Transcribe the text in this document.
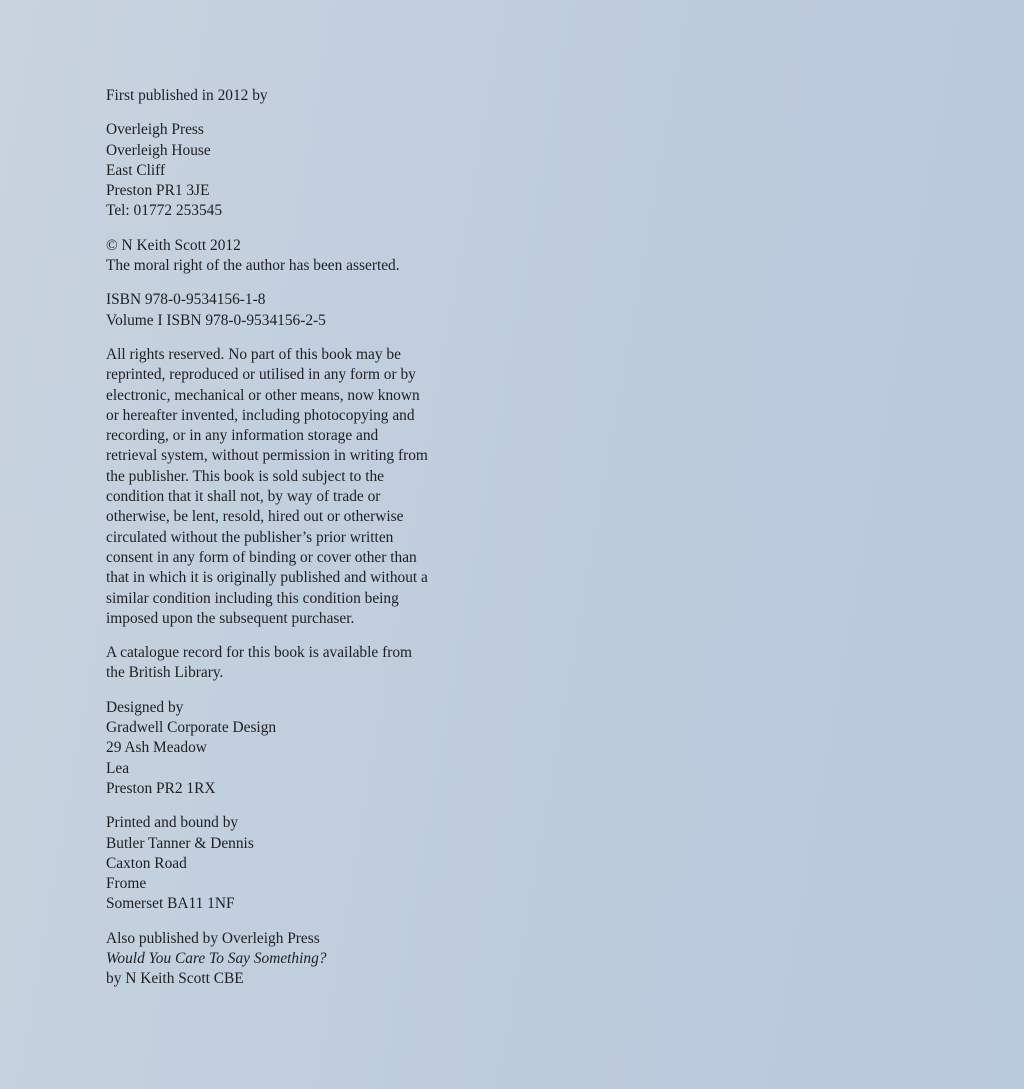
First published in 2012 by
Overleigh Press
Overleigh House
East Cliff
Preston PR1 3JE
Tel: 01772 253545
© N Keith Scott 2012
The moral right of the author has been asserted.
ISBN 978-0-9534156-1-8
Volume I ISBN 978-0-9534156-2-5
All rights reserved. No part of this book may be
reprinted, reproduced or utilised in any form or by
electronic, mechanical or other means, now known
or hereafter invented, including photocopying and
recording, or in any information storage and
retrieval system, without permission in writing from
the publisher. This book is sold subject to the
condition that it shall not, by way of trade or
otherwise, be lent, resold, hired out or otherwise
circulated without the publisher’s prior written
consent in any form of binding or cover other than
that in which it is originally published and without a
similar condition including this condition being
imposed upon the subsequent purchaser.
A catalogue record for this book is available from
the British Library.
Designed by
Gradwell Corporate Design
29 Ash Meadow
Lea
Preston PR2 1RX
Printed and bound by
Butler Tanner & Dennis
Caxton Road
Frome
Somerset BA11 1NF
Also published by Overleigh Press
Would You Care To Say Something?
by N Keith Scott CBE
